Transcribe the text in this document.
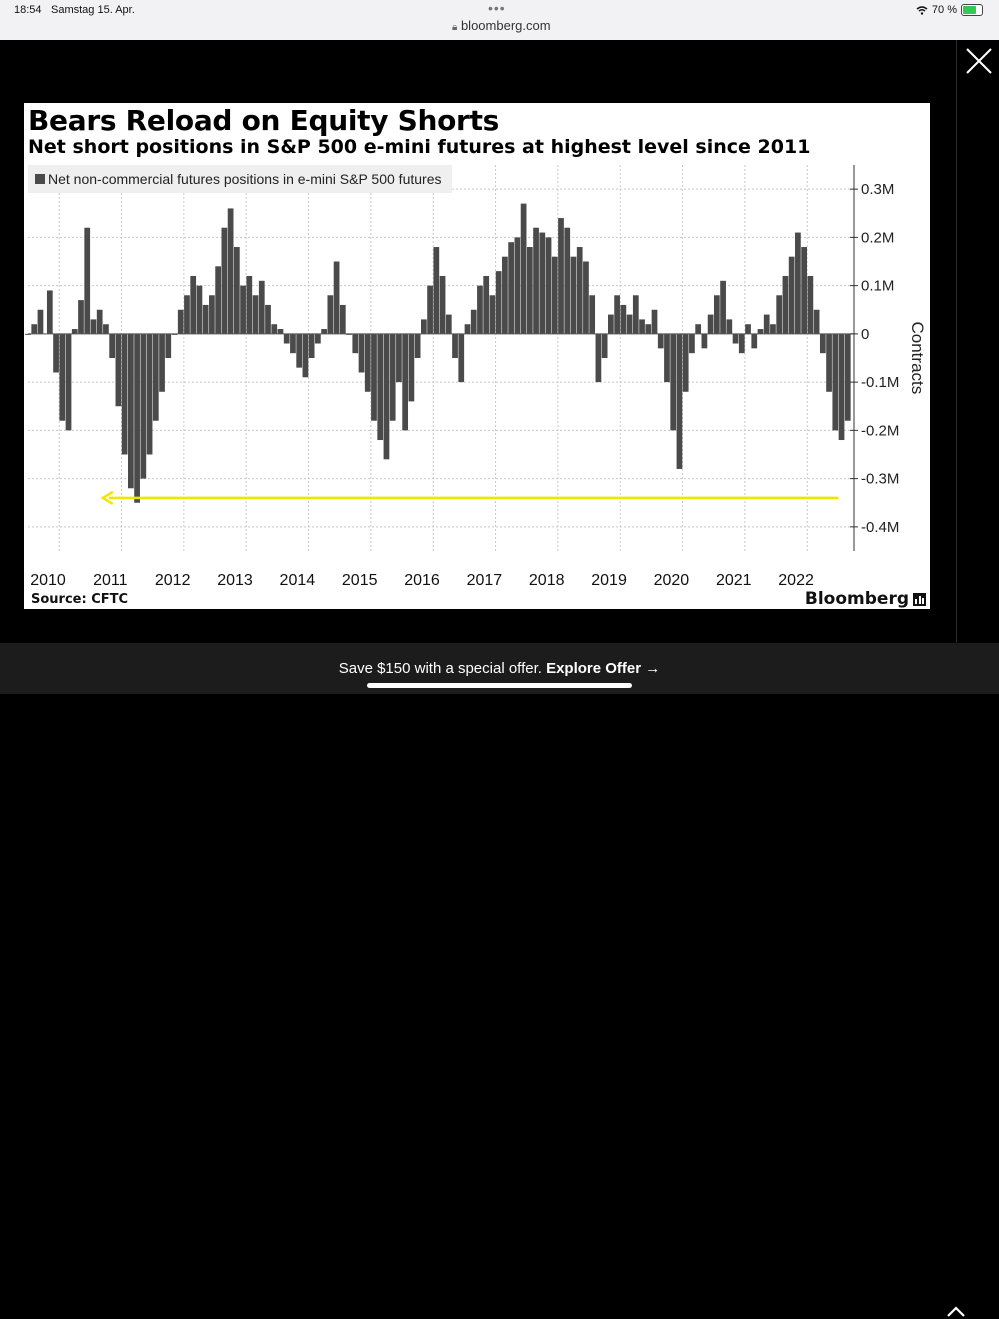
18:54 Samstag 15. Apr.	•••
🔒︎ bloomberg.com
70 %
0.3M
0.2M
0.1M
0
-0.1M
-0.2M
-0.3M
-0.4M
Contracts
2010 2011 2012 2013 2014 2015 2016 2017 2018 2019 2020 2021 2022
Net non-commercial futures positions in e-mini S&P 500 futures
Bears Reload on Equity Shorts
Net short positions in S&P 500 e-mini futures at highest level since 2011
Source: CFTC	Bloomberg
Save $150 with a special offer. Explore Offer →
